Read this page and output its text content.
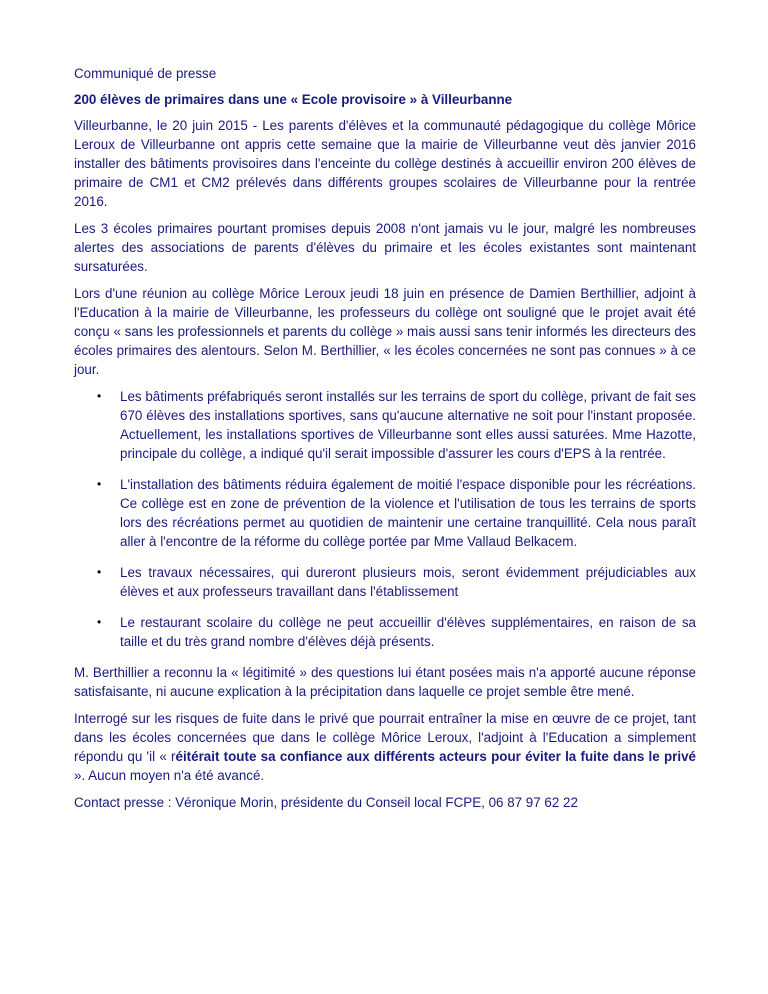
Communiqué de presse

200 élèves de primaires dans une « Ecole provisoire » à Villeurbanne

Villeurbanne, le 20 juin 2015 - Les parents d'élèves et la communauté pédagogique du collège Môrice Leroux de Villeurbanne ont appris cette semaine que la mairie de Villeurbanne veut dès janvier 2016 installer des bâtiments provisoires dans l'enceinte du collège destinés à accueillir environ 200 élèves de primaire de CM1 et CM2 prélevés dans différents groupes scolaires de Villeurbanne pour la rentrée 2016.

Les 3 écoles primaires pourtant promises depuis 2008 n'ont jamais vu le jour, malgré les nombreuses alertes des associations de parents d'élèves du primaire et les écoles existantes sont maintenant sursaturées.

Lors d'une réunion au collège Môrice Leroux jeudi 18 juin en présence de Damien Berthillier, adjoint à l'Education à la mairie de Villeurbanne, les professeurs du collège ont souligné que le projet avait été conçu « sans les professionnels et parents du collège » mais aussi sans tenir informés les directeurs des écoles primaires des alentours. Selon M. Berthillier, « les écoles concernées ne sont pas connues » à ce jour.

• Les bâtiments préfabriqués seront installés sur les terrains de sport du collège, privant de fait ses 670 élèves des installations sportives, sans qu'aucune alternative ne soit pour l'instant proposée. Actuellement, les installations sportives de Villeurbanne sont elles aussi saturées. Mme Hazotte, principale du collège, a indiqué qu'il serait impossible d'assurer les cours d'EPS à la rentrée.
• L'installation des bâtiments réduira également de moitié l'espace disponible pour les récréations. Ce collège est en zone de prévention de la violence et l'utilisation de tous les terrains de sports lors des récréations permet au quotidien de maintenir une certaine tranquillité. Cela nous paraît aller à l'encontre de la réforme du collège portée par Mme Vallaud Belkacem.
• Les travaux nécessaires, qui dureront plusieurs mois, seront évidemment préjudiciables aux élèves et aux professeurs travaillant dans l'établissement
• Le restaurant scolaire du collège ne peut accueillir d'élèves supplémentaires, en raison de sa taille et du très grand nombre d'élèves déjà présents.

M. Berthillier a reconnu la « légitimité » des questions lui étant posées mais n'a apporté aucune réponse satisfaisante, ni aucune explication à la précipitation dans laquelle ce projet semble être mené.

Interrogé sur les risques de fuite dans le privé que pourrait entraîner la mise en œuvre de ce projet, tant dans les écoles concernées que dans le collège Môrice Leroux, l'adjoint à l'Education a simplement répondu qu 'il « réitérait toute sa confiance aux différents acteurs pour éviter la fuite dans le privé ». Aucun moyen n'a été avancé.

Contact presse : Véronique Morin, présidente du Conseil local FCPE, 06 87 97 62 22
